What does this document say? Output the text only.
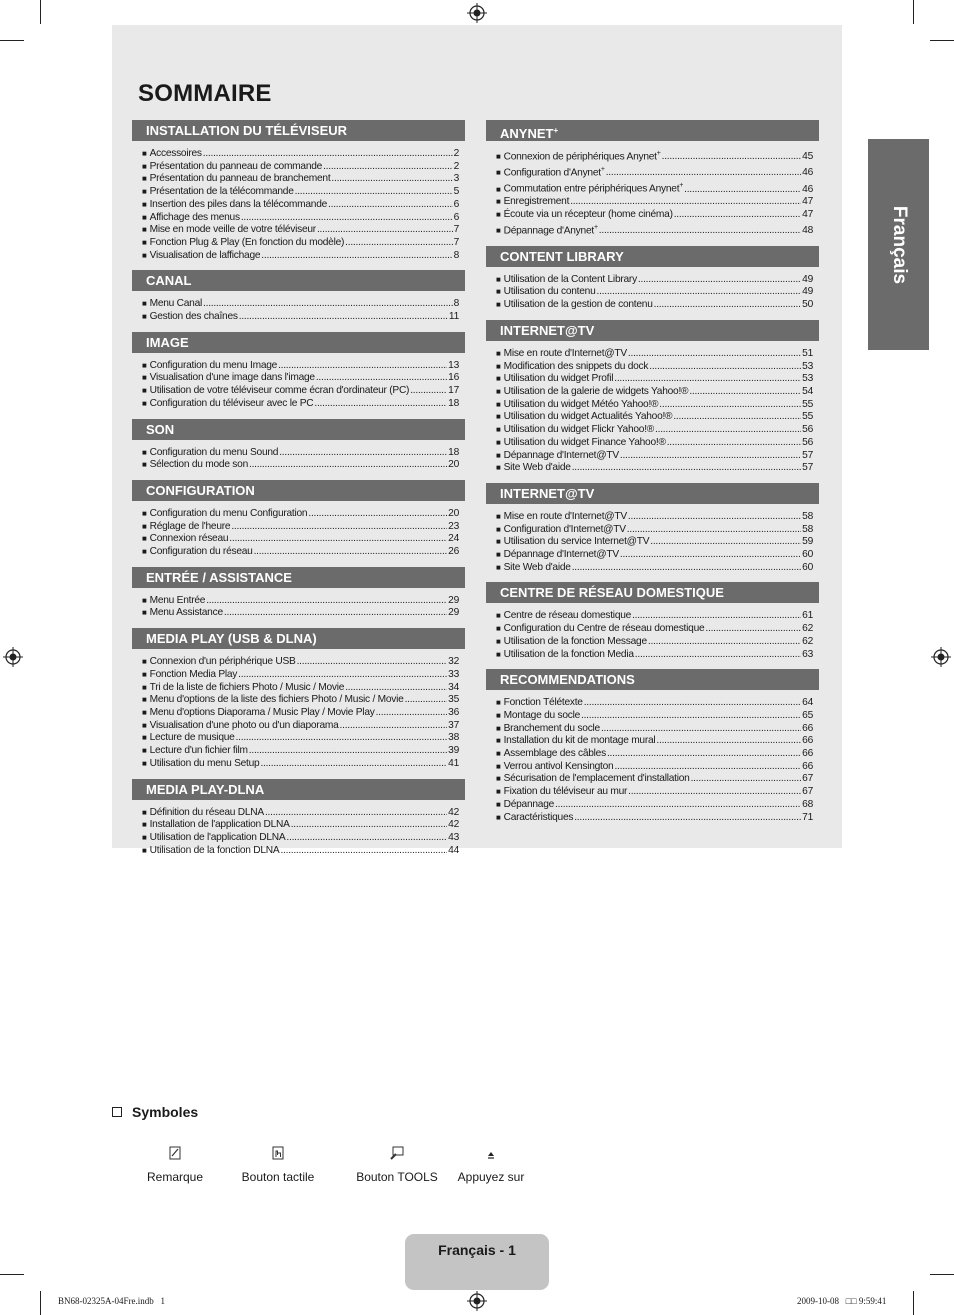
SOMMAIRE
INSTALLATION DU TÉLÉVISEUR
■ Accessoires .....	2
■ Présentation du panneau de commande .....	2
■ Présentation du panneau de branchement .....	3
■ Présentation de la télécommande .....	5
■ Insertion des piles dans la télécommande .....	6
■ Affichage des menus .....	6
■ Mise en mode veille de votre téléviseur .....	7
■ Fonction Plug & Play (En fonction du modèle) .....	7
■ Visualisation de laffichage .....	8
CANAL
■ Menu Canal .....	8
■ Gestion des chaînes .....	11
IMAGE
■ Configuration du menu Image .....	13
■ Visualisation d'une image dans l'image .....	16
■ Utilisation de votre téléviseur comme écran d'ordinateur (PC) .....	17
■ Configuration du téléviseur avec le PC .....	18
SON
■ Configuration du menu Sound .....	18
■ Sélection du mode son .....	20
CONFIGURATION
■ Configuration du menu Configuration .....	20
■ Réglage de l'heure .....	23
■ Connexion réseau .....	24
■ Configuration du réseau .....	26
ENTRÉE / ASSISTANCE
■ Menu Entrée .....	29
■ Menu Assistance .....	29
MEDIA PLAY (USB & DLNA)
■ Connexion d'un périphérique USB .....	32
■ Fonction Media Play .....	33
■ Tri de la liste de fichiers Photo / Music / Movie .....	34
■ Menu d'options de la liste des fichiers Photo / Music / Movie .....	35
■ Menu d'options Diaporama / Music Play / Movie Play .....	36
■ Visualisation d'une photo ou d'un diaporama .....	37
■ Lecture de musique .....	38
■ Lecture d'un fichier film .....	39
■ Utilisation du menu Setup .....	41
MEDIA PLAY-DLNA
■ Définition du réseau DLNA .....	42
■ Installation de l'application DLNA .....	42
■ Utilisation de l'application DLNA .....	43
■ Utilisation de la fonction DLNA .....	44
ANYNET+
■ Connexion de périphériques Anynet+ .....	45
■ Configuration d'Anynet+ .....	46
■ Commutation entre périphériques Anynet+ .....	46
■ Enregistrement .....	47
■ Écoute via un récepteur (home cinéma) .....	47
■ Dépannage d'Anynet+ .....	48
CONTENT LIBRARY
■ Utilisation de la Content Library .....	49
■ Utilisation du contenu .....	49
■ Utilisation de la gestion de contenu .....	50
INTERNET@TV
■ Mise en route d'Internet@TV .....	51
■ Modification des snippets du dock .....	53
■ Utilisation du widget Profil .....	53
■ Utilisation de la galerie de widgets Yahoo!® .....	54
■ Utilisation du widget Météo Yahoo!® .....	55
■ Utilisation du widget Actualités Yahoo!® .....	55
■ Utilisation du widget Flickr Yahoo!® .....	56
■ Utilisation du widget Finance Yahoo!® .....	56
■ Dépannage d'Internet@TV .....	57
■ Site Web d'aide .....	57
INTERNET@TV
■ Mise en route d'Internet@TV .....	58
■ Configuration d'Internet@TV .....	58
■ Utilisation du service Internet@TV .....	59
■ Dépannage d'Internet@TV .....	60
■ Site Web d'aide .....	60
CENTRE DE RÉSEAU DOMESTIQUE
■ Centre de réseau domestique .....	61
■ Configuration du Centre de réseau domestique .....	62
■ Utilisation de la fonction Message .....	62
■ Utilisation de la fonction Media .....	63
RECOMMENDATIONS
■ Fonction Télétexte .....	64
■ Montage du socle .....	65
■ Branchement du socle .....	66
■ Installation du kit de montage mural .....	66
■ Assemblage des câbles .....	66
■ Verrou antivol Kensington .....	66
■ Sécurisation de l'emplacement d'installation .....	67
■ Fixation du téléviseur au mur .....	67
■ Dépannage .....	68
■ Caractéristiques .....	71
Français
Symboles
Remarque	Bouton tactile	Bouton TOOLS	Appuyez sur
Français - 1
BN68-02325A-04Fre.indb   1	2009-10-08   □□ 9:59:41
